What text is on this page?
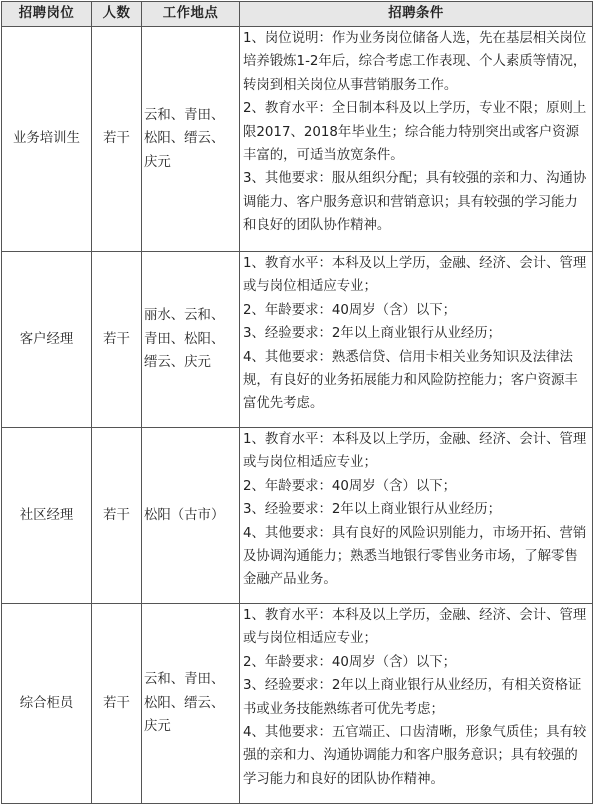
招聘岗位	人数	工作地点	招聘条件
业务培训生	若干	云和、青田、松阳、缙云、庆元	1、岗位说明：作为业务岗位储备人选，先在基层相关岗位培养锻炼1-2年后，综合考虑工作表现、个人素质等情况，转岗到相关岗位从事营销服务工作。
2、教育水平：全日制本科及以上学历，专业不限；原则上限2017、2018年毕业生；综合能力特别突出或客户资源丰富的，可适当放宽条件。
3、其他要求：服从组织分配；具有较强的亲和力、沟通协调能力、客户服务意识和营销意识；具有较强的学习能力和良好的团队协作精神。

客户经理	若干	丽水、云和、青田、松阳、缙云、庆元	1、教育水平：本科及以上学历，金融、经济、会计、管理或与岗位相适应专业；
2、年龄要求：40周岁（含）以下；
3、经验要求：2年以上商业银行从业经历；
4、其他要求：熟悉信贷、信用卡相关业务知识及法律法规，有良好的业务拓展能力和风险防控能力；客户资源丰富优先考虑。

社区经理	若干	松阳（古市）	1、教育水平：本科及以上学历，金融、经济、会计、管理或与岗位相适应专业；
2、年龄要求：40周岁（含）以下；
3、经验要求：2年以上商业银行从业经历；
4、其他要求：具有良好的风险识别能力，市场开拓、营销及协调沟通能力；熟悉当地银行零售业务市场，了解零售金融产品业务。

综合柜员	若干	云和、青田、松阳、缙云、庆元	1、教育水平：本科及以上学历，金融、经济、会计、管理或与岗位相适应专业；
2、年龄要求：40周岁（含）以下；
3、经验要求：2年以上商业银行从业经历，有相关资格证书或业务技能熟练者可优先考虑；
4、其他要求：五官端正、口齿清晰，形象气质佳；具有较强的亲和力、沟通协调能力和客户服务意识；具有较强的学习能力和良好的团队协作精神。
